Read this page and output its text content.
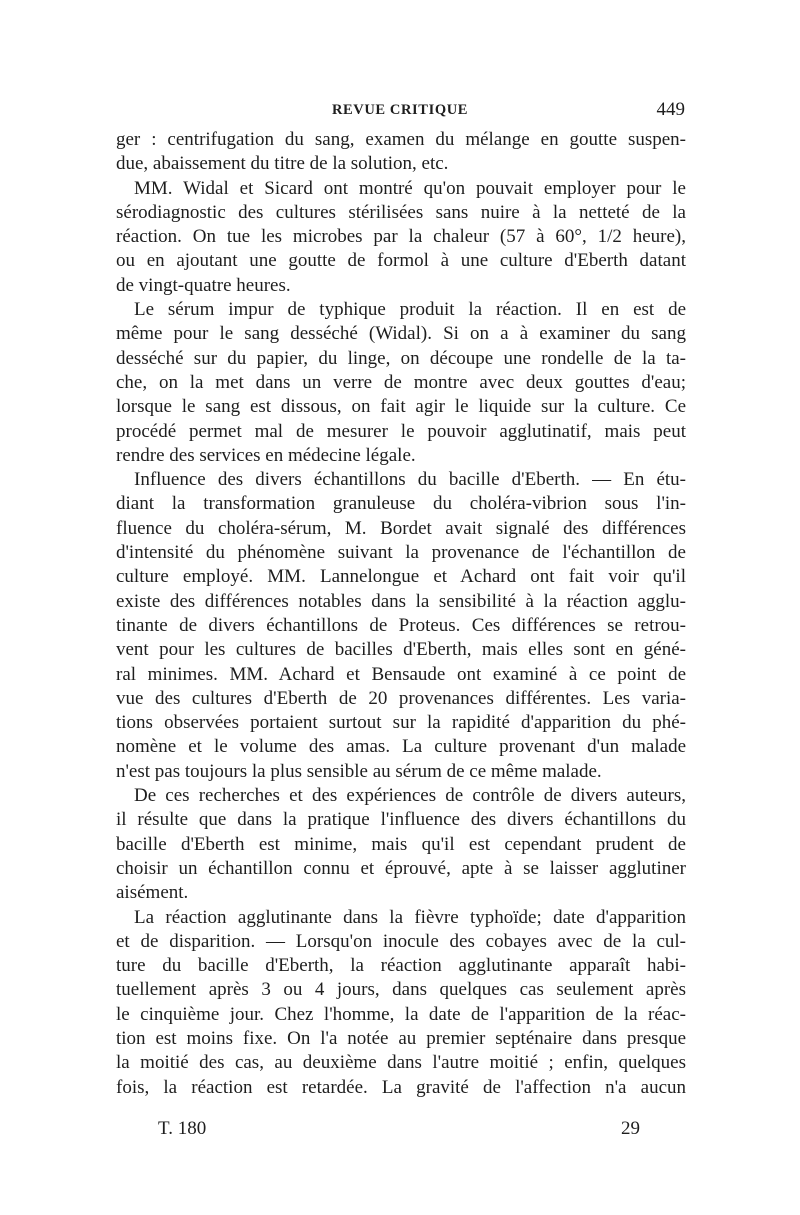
REVUE CRITIQUE	449
ger : centrifugation du sang, examen du mélange en goutte suspen-
due, abaissement du titre de la solution, etc.
MM. Widal et Sicard ont montré qu'on pouvait employer pour le
sérodiagnostic des cultures stérilisées sans nuire à la netteté de la
réaction. On tue les microbes par la chaleur (57 à 60°, 1/2 heure),
ou en ajoutant une goutte de formol à une culture d'Eberth datant
de vingt-quatre heures.
Le sérum impur de typhique produit la réaction. Il en est de
même pour le sang desséché (Widal). Si on a à examiner du sang
desséché sur du papier, du linge, on découpe une rondelle de la ta-
che, on la met dans un verre de montre avec deux gouttes d'eau;
lorsque le sang est dissous, on fait agir le liquide sur la culture. Ce
procédé permet mal de mesurer le pouvoir agglutinatif, mais peut
rendre des services en médecine légale.
Influence des divers échantillons du bacille d'Eberth. — En étu-
diant la transformation granuleuse du choléra-vibrion sous l'in-
fluence du choléra-sérum, M. Bordet avait signalé des différences
d'intensité du phénomène suivant la provenance de l'échantillon de
culture employé. MM. Lannelongue et Achard ont fait voir qu'il
existe des différences notables dans la sensibilité à la réaction agglu-
tinante de divers échantillons de Proteus. Ces différences se retrou-
vent pour les cultures de bacilles d'Eberth, mais elles sont en géné-
ral minimes. MM. Achard et Bensaude ont examiné à ce point de
vue des cultures d'Eberth de 20 provenances différentes. Les varia-
tions observées portaient surtout sur la rapidité d'apparition du phé-
nomène et le volume des amas. La culture provenant d'un malade
n'est pas toujours la plus sensible au sérum de ce même malade.
De ces recherches et des expériences de contrôle de divers auteurs,
il résulte que dans la pratique l'influence des divers échantillons du
bacille d'Eberth est minime, mais qu'il est cependant prudent de
choisir un échantillon connu et éprouvé, apte à se laisser agglutiner
aisément.
La réaction agglutinante dans la fièvre typhoïde; date d'apparition
et de disparition. — Lorsqu'on inocule des cobayes avec de la cul-
ture du bacille d'Eberth, la réaction agglutinante apparaît habi-
tuellement après 3 ou 4 jours, dans quelques cas seulement après
le cinquième jour. Chez l'homme, la date de l'apparition de la réac-
tion est moins fixe. On l'a notée au premier septénaire dans presque
la moitié des cas, au deuxième dans l'autre moitié ; enfin, quelques
fois, la réaction est retardée. La gravité de l'affection n'a aucun
T. 180	29
